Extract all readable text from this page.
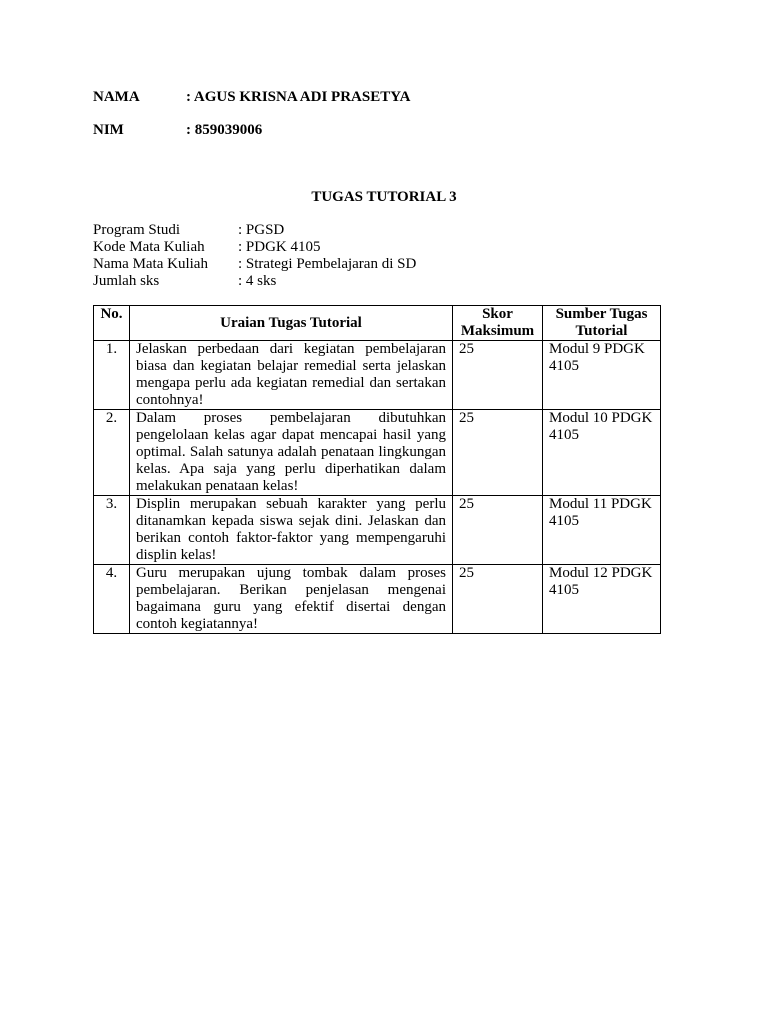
NAMA	: AGUS KRISNA ADI PRASETYA
NIM	: 859039006
TUGAS TUTORIAL 3
Program Studi	: PGSD
Kode Mata Kuliah : PDGK 4105
Nama Mata Kuliah : Strategi Pembelajaran di SD
Jumlah sks	: 4 sks
No.	Uraian Tugas Tutorial	Skor Maksimum	Sumber Tugas Tutorial
1.	Jelaskan perbedaan dari kegiatan pembelajaran biasa dan kegiatan belajar remedial serta jelaskan mengapa perlu ada kegiatan remedial dan sertakan contohnya!	25	Modul 9 PDGK 4105
2.	Dalam proses pembelajaran dibutuhkan pengelolaan kelas agar dapat mencapai hasil yang optimal. Salah satunya adalah penataan lingkungan kelas. Apa saja yang perlu diperhatikan dalam melakukan penataan kelas!	25	Modul 10 PDGK 4105
3.	Displin merupakan sebuah karakter yang perlu ditanamkan kepada siswa sejak dini. Jelaskan dan berikan contoh faktor-faktor yang mempengaruhi displin kelas!	25	Modul 11 PDGK 4105
4.	Guru merupakan ujung tombak dalam proses pembelajaran. Berikan penjelasan mengenai bagaimana guru yang efektif disertai dengan contoh kegiatannya!	25	Modul 12 PDGK 4105
